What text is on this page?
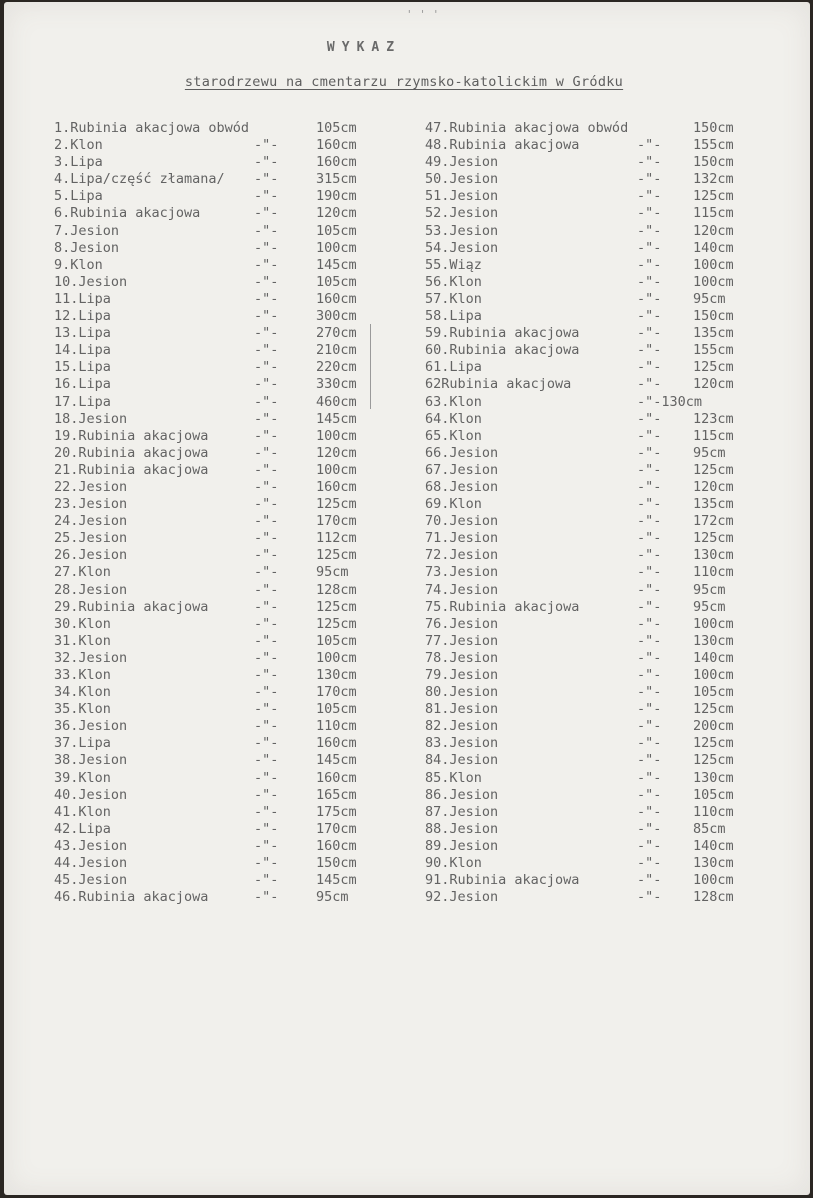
' ' '
WYKAZ
starodrzewu na cmentarzu rzymsko-katolickim w Gródku
1.Rubinia akacjowa obwód	105cm
2.Klon	-"-	160cm
3.Lipa	-"-	160cm
4.Lipa/część złamana/ -"-	315cm
5.Lipa	-"-	190cm
6.Rubinia akacjowa	-"-	120cm
7.Jesion	-"-	105cm
8.Jesion	-"-	100cm
9.Klon	-"-	145cm
10.Jesion	-"-	105cm
11.Lipa	-"-	160cm
12.Lipa	-"-	300cm
13.Lipa	-"-	270cm
14.Lipa	-"-	210cm
15.Lipa	-"-	220cm
16.Lipa	-"-	330cm
17.Lipa	-"-	460cm
18.Jesion	-"-	145cm
19.Rubinia akacjowa	-"-	100cm
20.Rubinia akacjowa	-"-	120cm
21.Rubinia akacjowa	-"-	100cm
22.Jesion	-"-	160cm
23.Jesion	-"-	125cm
24.Jesion	-"-	170cm
25.Jesion	-"-	112cm
26.Jesion	-"-	125cm
27.Klon	-"-	95cm
28.Jesion	-"-	128cm
29.Rubinia akacjowa	-"-	125cm
30.Klon	-"-	125cm
31.Klon	-"-	105cm
32.Jesion	-"-	100cm
33.Klon	-"-	130cm
34.Klon	-"-	170cm
35.Klon	-"-	105cm
36.Jesion	-"-	110cm
37.Lipa	-"-	160cm
38.Jesion	-"-	145cm
39.Klon	-"-	160cm
40.Jesion	-"-	165cm
41.Klon	-"-	175cm
42.Lipa	-"-	170cm
43.Jesion	-"-	160cm
44.Jesion	-"-	150cm
45.Jesion	-"-	145cm
46.Rubinia akacjowa	-"-	95cm
47.Rubinia akacjowa obwód	150cm
48.Rubinia akacjowa	-"- 155cm
49.Jesion	-"- 150cm
50.Jesion	-"- 132cm
51.Jesion	-"- 125cm
52.Jesion	-"- 115cm
53.Jesion	-"- 120cm
54.Jesion	-"- 140cm
55.Wiąz	-"- 100cm
56.Klon	-"- 100cm
57.Klon	-"- 95cm
58.Lipa	-"- 150cm
59.Rubinia akacjowa	-"- 135cm
60.Rubinia akacjowa	-"- 155cm
61.Lipa	-"- 125cm
62Rubinia akacjowa	-"- 120cm
63.Klon	-"-130cm
64.Klon	-"- 123cm
65.Klon	-"- 115cm
66.Jesion	-"- 95cm
67.Jesion	-"- 125cm
68.Jesion	-"- 120cm
69.Klon	-"- 135cm
70.Jesion	-"- 172cm
71.Jesion	-"- 125cm
72.Jesion	-"- 130cm
73.Jesion	-"- 110cm
74.Jesion	-"- 95cm
75.Rubinia akacjowa	-"- 95cm
76.Jesion	-"- 100cm
77.Jesion	-"- 130cm
78.Jesion	-"- 140cm
79.Jesion	-"- 100cm
80.Jesion	-"- 105cm
81.Jesion	-"- 125cm
82.Jesion	-"- 200cm
83.Jesion	-"- 125cm
84.Jesion	-"- 125cm
85.Klon	-"- 130cm
86.Jesion	-"- 105cm
87.Jesion	-"- 110cm
88.Jesion	-"- 85cm
89.Jesion	-"- 140cm
90.Klon	-"- 130cm
91.Rubinia akacjowa	-"- 100cm
92.Jesion	-"- 128cm
